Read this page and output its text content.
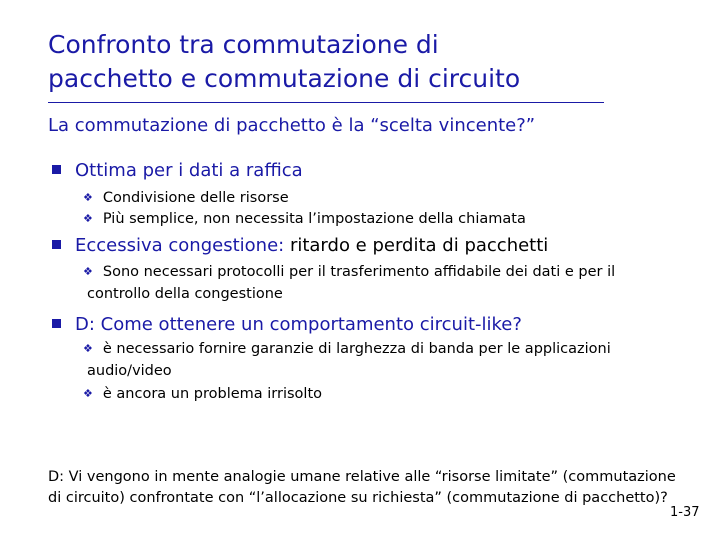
Confronto tra commutazione di
pacchetto e commutazione di circuito
La commutazione di pacchetto è la “scelta vincente?”
Ottima per i dati a raffica
❖ Condivisione delle risorse
❖ Più semplice, non necessita l’impostazione della chiamata
Eccessiva congestione: ritardo e perdita di pacchetti
❖ Sono necessari protocolli per il trasferimento affidabile dei dati e per il
controllo della congestione
D: Come ottenere un comportamento circuit-like?
❖ è necessario fornire garanzie di larghezza di banda per le applicazioni
audio/video
❖ è ancora un problema irrisolto
D: Vi vengono in mente analogie umane relative alle “risorse limitate” (commutazione
di circuito) confrontate con “l’allocazione su richiesta” (commutazione di pacchetto)?
1-37
